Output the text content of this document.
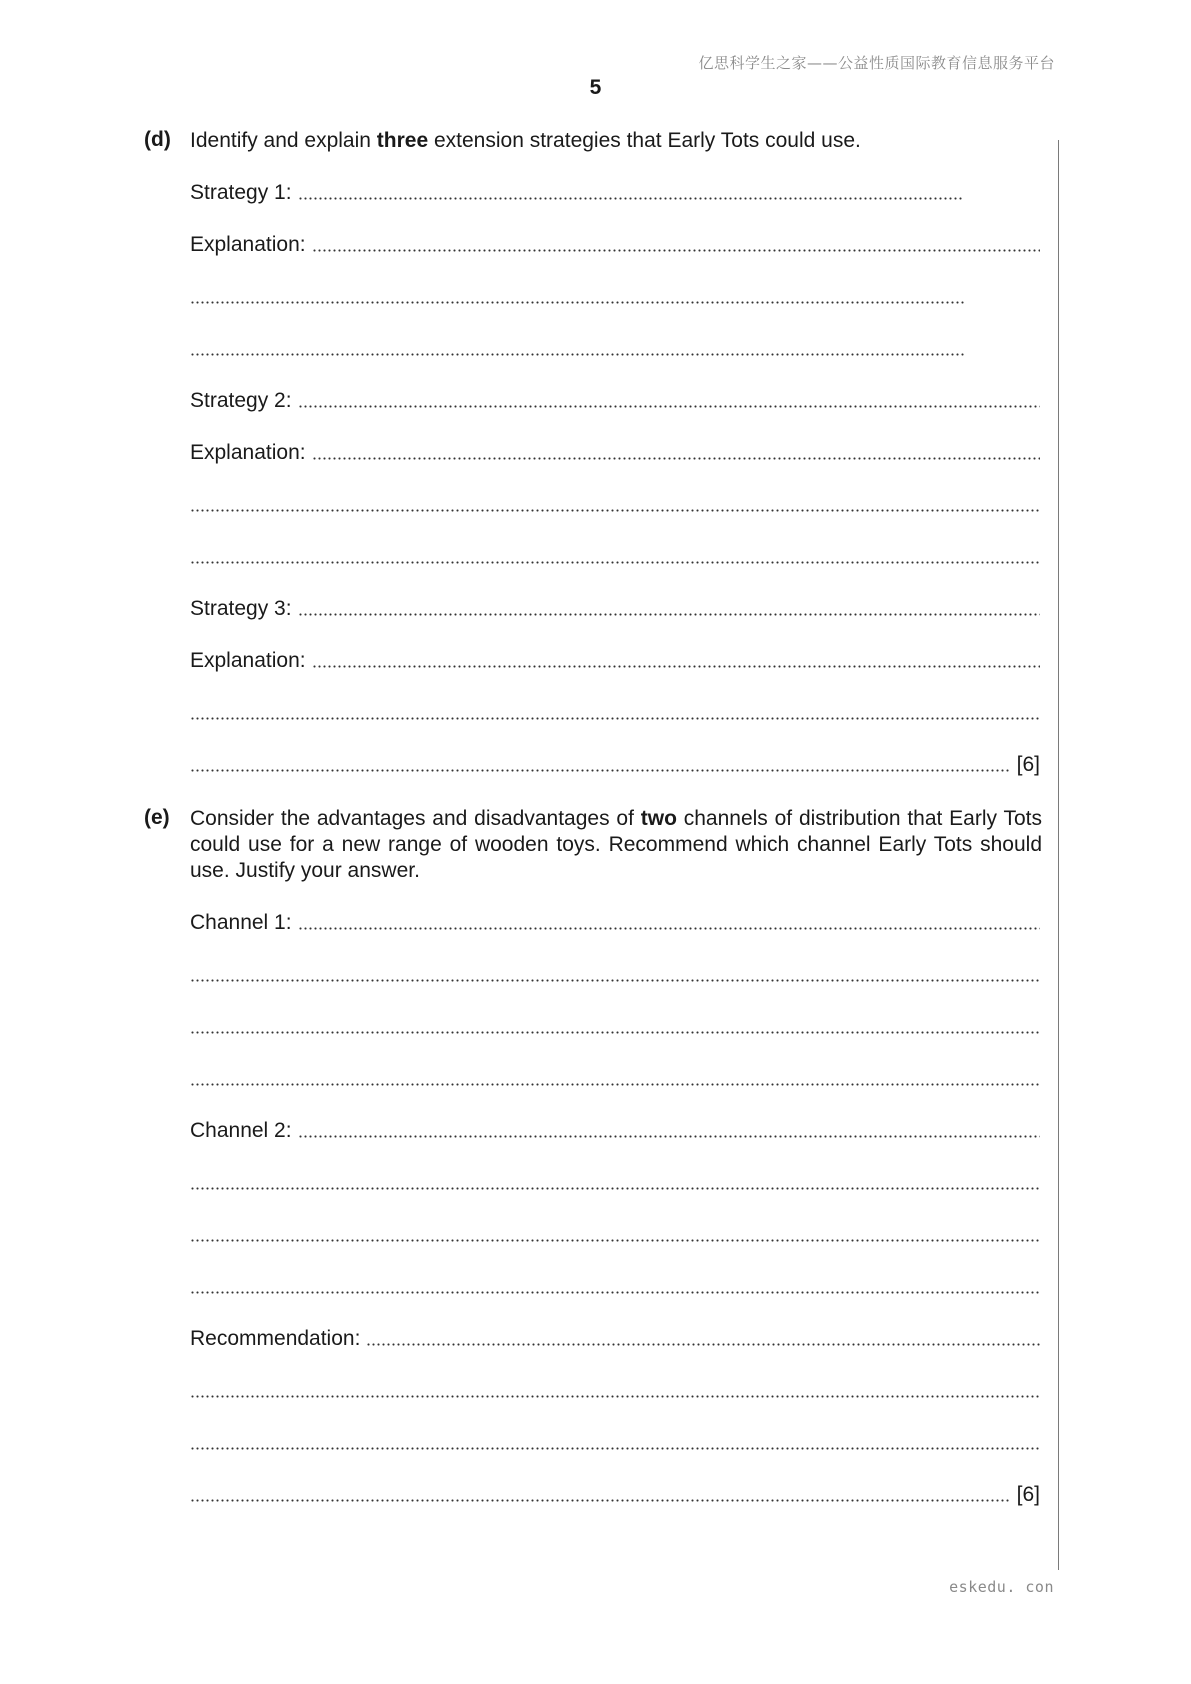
亿思科学生之家——公益性质国际教育信息服务平台
5
(d) Identify and explain three extension strategies that Early Tots could use.
Strategy 1:
Explanation:
Strategy 2:
Explanation:
Strategy 3:
Explanation:
[6]
(e) Consider the advantages and disadvantages of two channels of distribution that Early Tots could use for a new range of wooden toys. Recommend which channel Early Tots should use. Justify your answer.
Channel 1:
Channel 2:
Recommendation:
[6]
eskedu. con
